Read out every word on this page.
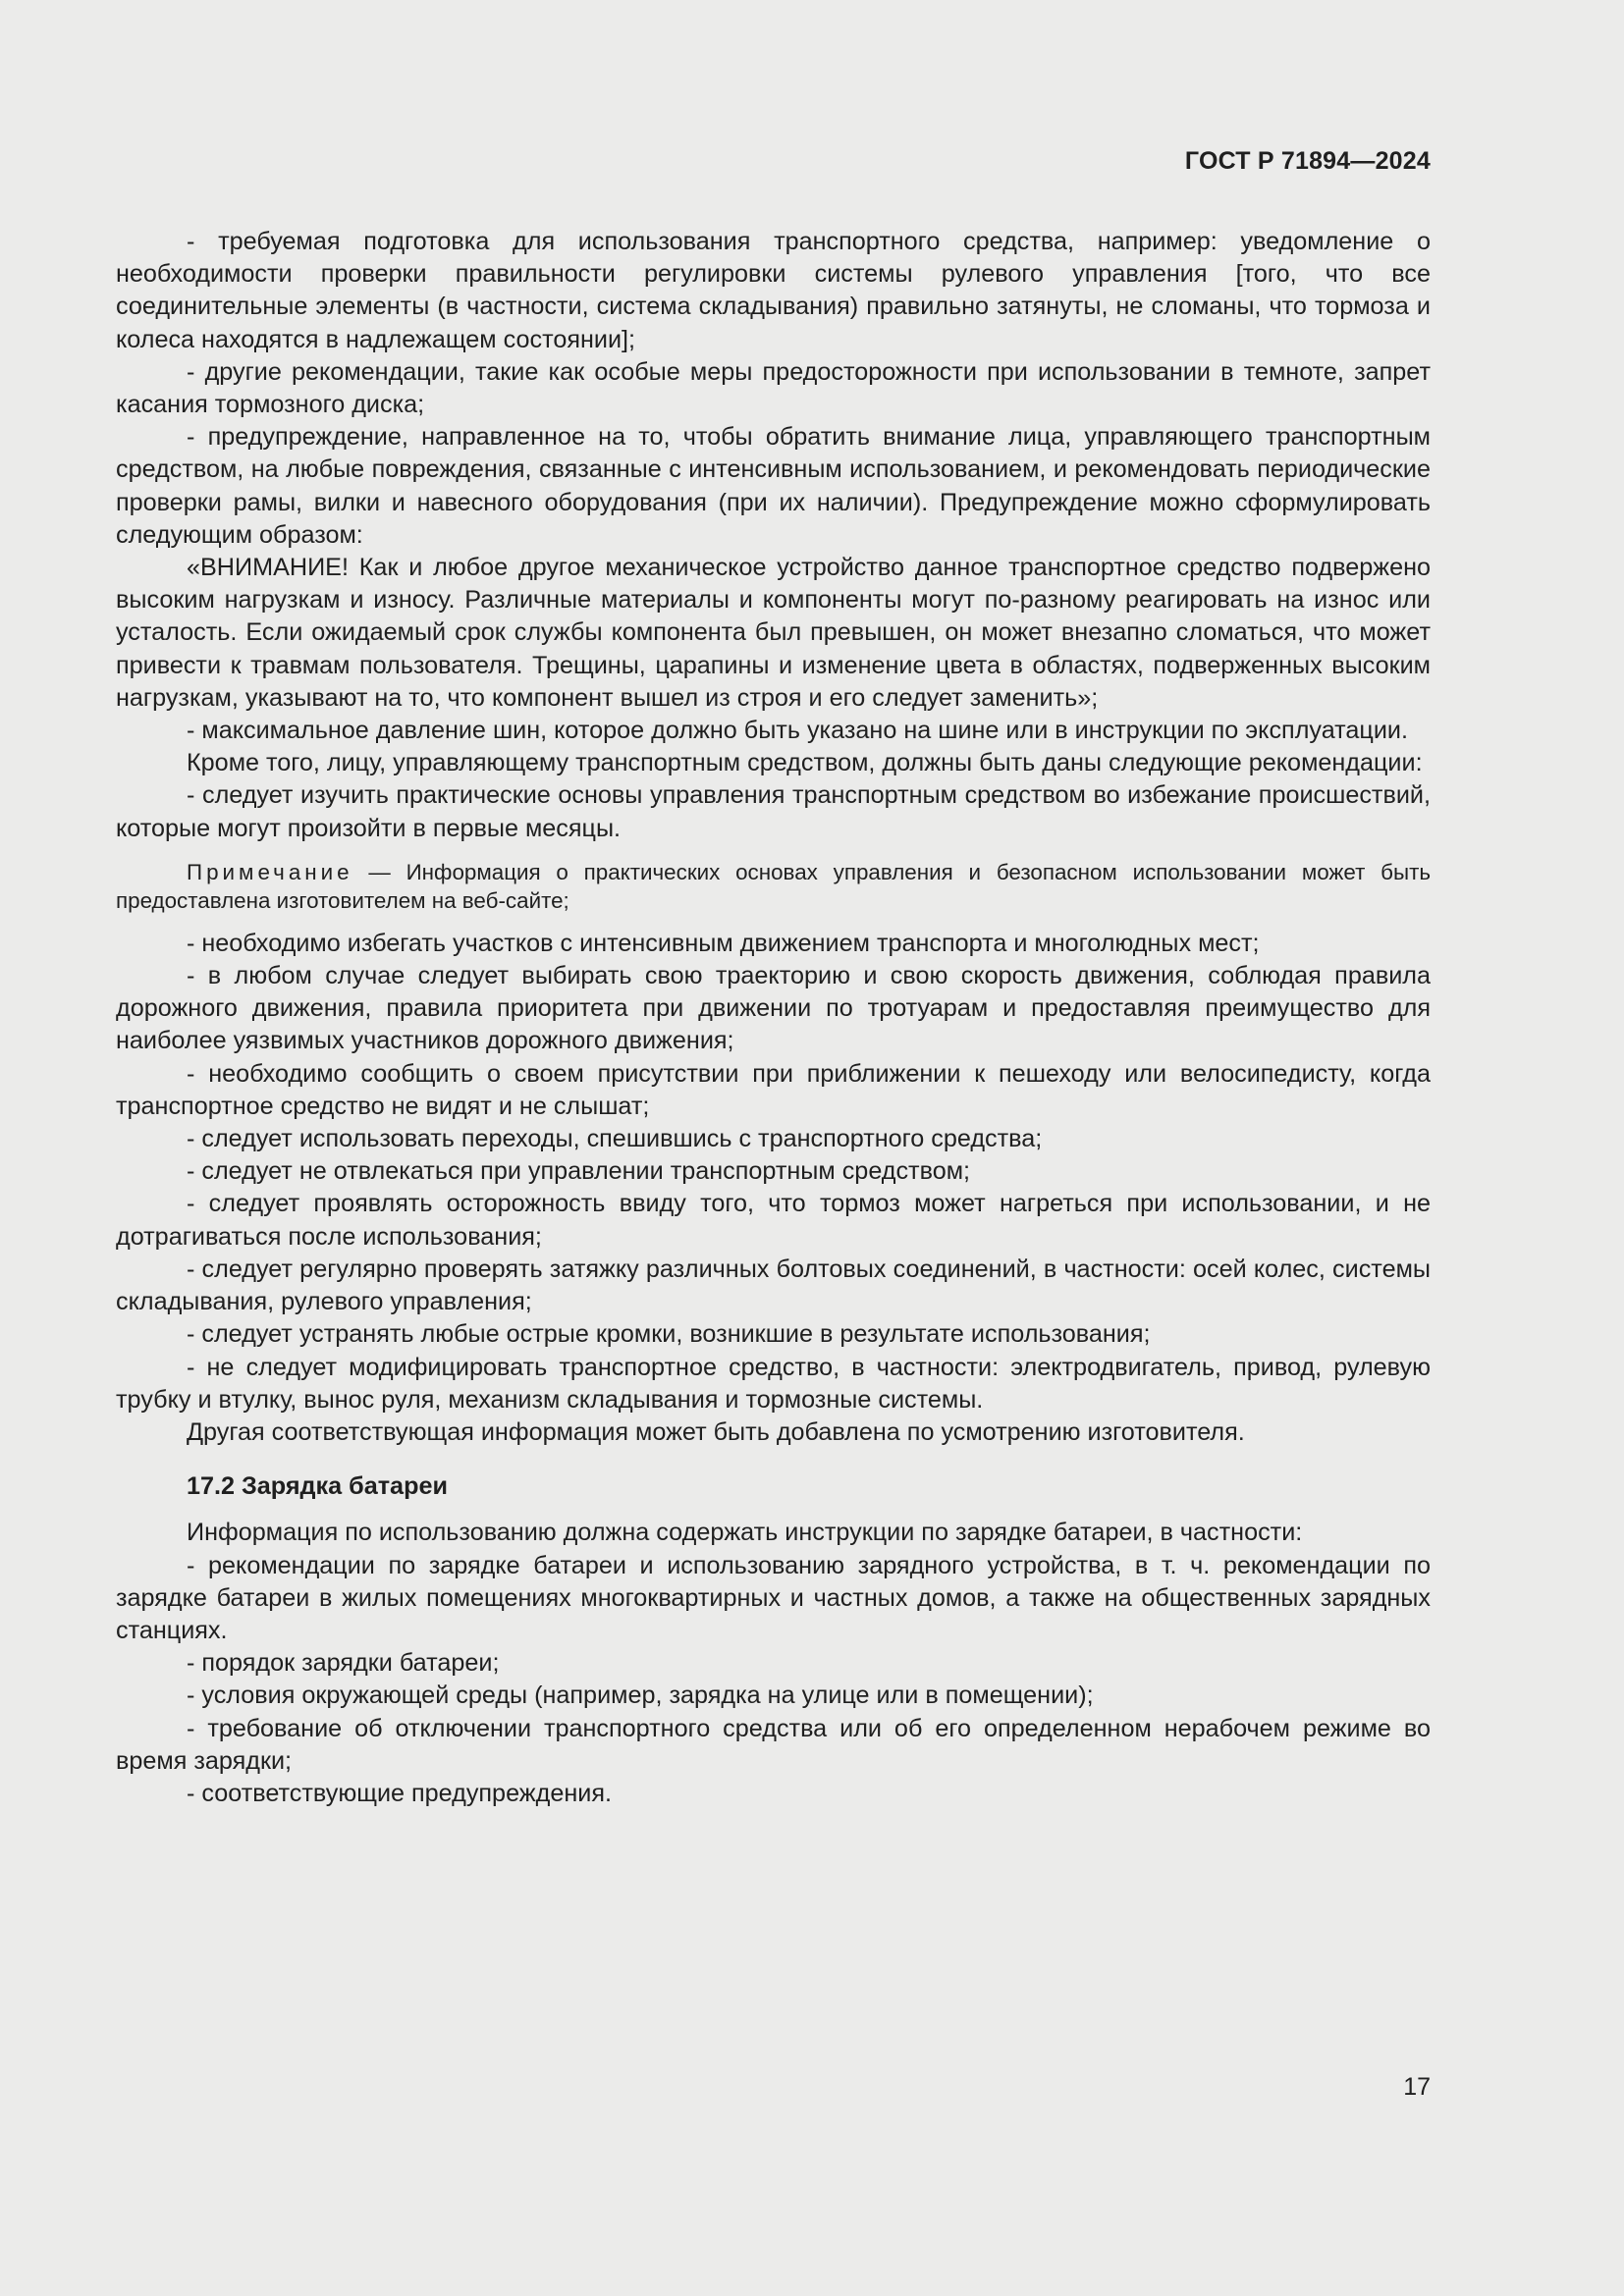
ГОСТ Р 71894—2024

- требуемая подготовка для использования транспортного средства, например: уведомление о необходимости проверки правильности регулировки системы рулевого управления [того, что все соединительные элементы (в частности, система складывания) правильно затянуты, не сломаны, что тормоза и колеса находятся в надлежащем состоянии];

- другие рекомендации, такие как особые меры предосторожности при использовании в темноте, запрет касания тормозного диска;

- предупреждение, направленное на то, чтобы обратить внимание лица, управляющего транспортным средством, на любые повреждения, связанные с интенсивным использованием, и рекомендовать периодические проверки рамы, вилки и навесного оборудования (при их наличии). Предупреждение можно сформулировать следующим образом:

«ВНИМАНИЕ! Как и любое другое механическое устройство данное транспортное средство подвержено высоким нагрузкам и износу. Различные материалы и компоненты могут по-разному реагировать на износ или усталость. Если ожидаемый срок службы компонента был превышен, он может внезапно сломаться, что может привести к травмам пользователя. Трещины, царапины и изменение цвета в областях, подверженных высоким нагрузкам, указывают на то, что компонент вышел из строя и его следует заменить»;

- максимальное давление шин, которое должно быть указано на шине или в инструкции по эксплуатации.

Кроме того, лицу, управляющему транспортным средством, должны быть даны следующие рекомендации:

- следует изучить практические основы управления транспортным средством во избежание происшествий, которые могут произойти в первые месяцы.

Примечание — Информация о практических основах управления и безопасном использовании может быть предоставлена изготовителем на веб-сайте;

- необходимо избегать участков с интенсивным движением транспорта и многолюдных мест;

- в любом случае следует выбирать свою траекторию и свою скорость движения, соблюдая правила дорожного движения, правила приоритета при движении по тротуарам и предоставляя преимущество для наиболее уязвимых участников дорожного движения;

- необходимо сообщить о своем присутствии при приближении к пешеходу или велосипедисту, когда транспортное средство не видят и не слышат;

- следует использовать переходы, спешившись с транспортного средства;

- следует не отвлекаться при управлении транспортным средством;

- следует проявлять осторожность ввиду того, что тормоз может нагреться при использовании, и не дотрагиваться после использования;

- следует регулярно проверять затяжку различных болтовых соединений, в частности: осей колес, системы складывания, рулевого управления;

- следует устранять любые острые кромки, возникшие в результате использования;

- не следует модифицировать транспортное средство, в частности: электродвигатель, привод, рулевую трубку и втулку, вынос руля, механизм складывания и тормозные системы.

Другая соответствующая информация может быть добавлена по усмотрению изготовителя.

17.2 Зарядка батареи

Информация по использованию должна содержать инструкции по зарядке батареи, в частности:

- рекомендации по зарядке батареи и использованию зарядного устройства, в т. ч. рекомендации по зарядке батареи в жилых помещениях многоквартирных и частных домов, а также на общественных зарядных станциях.

- порядок зарядки батареи;

- условия окружающей среды (например, зарядка на улице или в помещении);

- требование об отключении транспортного средства или об его определенном нерабочем режиме во время зарядки;

- соответствующие предупреждения.

17
